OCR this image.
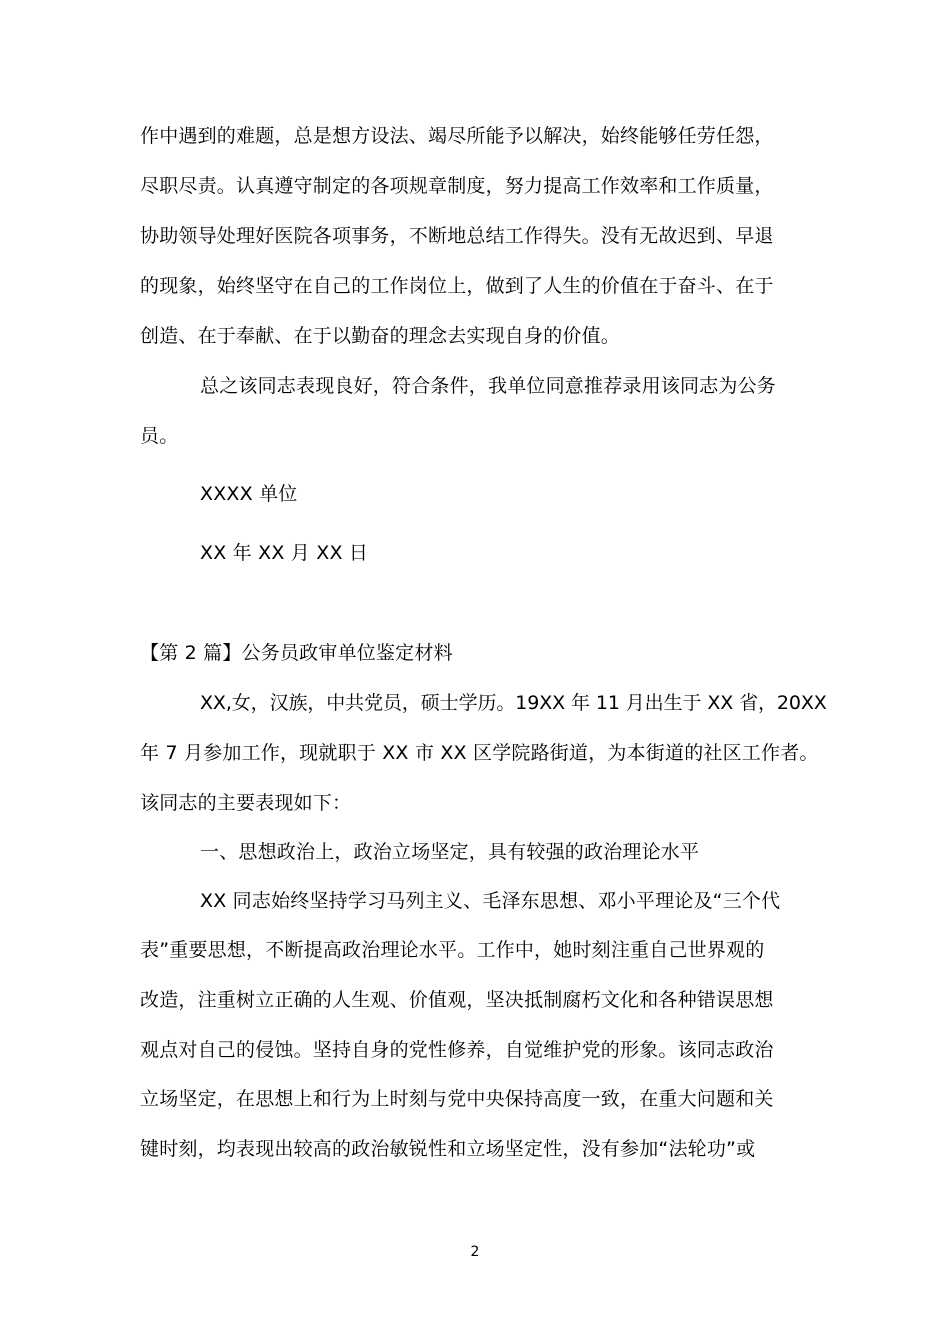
作中遇到的难题，总是想方设法、竭尽所能予以解决，始终能够任劳任怨，
尽职尽责。认真遵守制定的各项规章制度，努力提高工作效率和工作质量，
协助领导处理好医院各项事务，不断地总结工作得失。没有无故迟到、早退
的现象，始终坚守在自己的工作岗位上，做到了人生的价值在于奋斗、在于
创造、在于奉献、在于以勤奋的理念去实现自身的价值。
总之该同志表现良好，符合条件，我单位同意推荐录用该同志为公务
员。
XXXX 单位
XX 年 XX 月 XX 日
【第 2 篇】公务员政审单位鉴定材料
XX,女，汉族，中共党员，硕士学历。19XX 年 11 月出生于 XX 省，20XX
年 7 月参加工作，现就职于 XX 市 XX 区学院路街道，为本街道的社区工作者。
该同志的主要表现如下：
一、思想政治上，政治立场坚定，具有较强的政治理论水平
XX 同志始终坚持学习马列主义、毛泽东思想、邓小平理论及“三个代
表”重要思想，不断提高政治理论水平。工作中，她时刻注重自己世界观的
改造，注重树立正确的人生观、价值观，坚决抵制腐朽文化和各种错误思想
观点对自己的侵蚀。坚持自身的党性修养，自觉维护党的形象。该同志政治
立场坚定，在思想上和行为上时刻与党中央保持高度一致，在重大问题和关
键时刻，均表现出较高的政治敏锐性和立场坚定性，没有参加“法轮功”或
2
